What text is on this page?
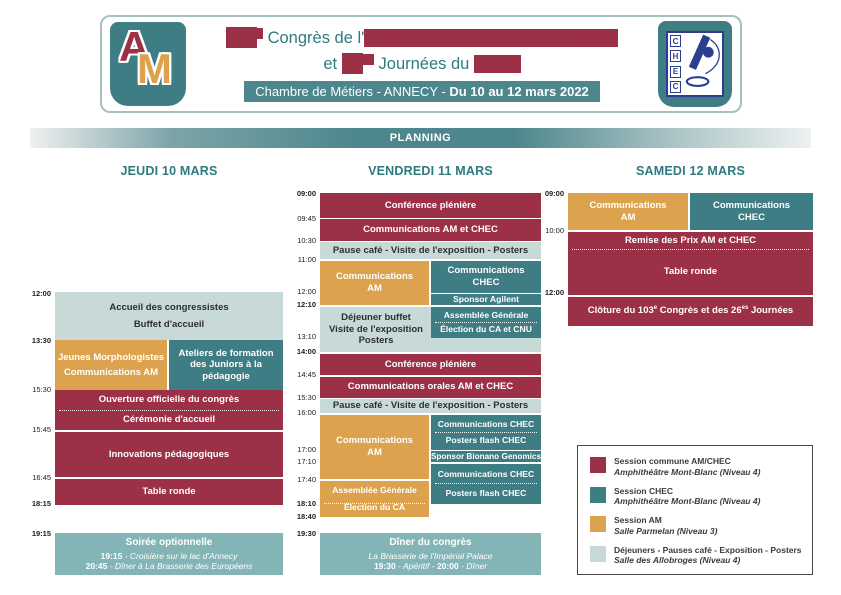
A
M
103e Congrès de l'Association des Morphologistes
et $26^{es}$ Journées du CHEC
Chambre de Métiers - ANNECY - Du 10 au 12 mars 2022
C
H
E
C
PLANNING
JEUDI 10 MARS	VENDREDI 11 MARS	SAMEDI 12 MARS
12:00
13:30
15:30
15:45
16:45
18:15
19:15
Accueil des congressistes
Buffet d'accueil
Jeunes Morphologistes
Communications AM
Ateliers de formation des Juniors à la pédagogie
Ouverture officielle du congrès
Cérémonie d'accueil
Innovations pédagogiques
Table ronde
Soirée optionnelle
19:15 - Croisière sur le lac d'Annecy
20:45 - Dîner à La Brasserie des Européens
09:00
09:45
10:30
11:00
12:00
12:10
13:10
14:00
14:45
15:30
16:00
17:00
17:10
17:40
18:10
18:40
19:30
Conférence plénière
Communications AM et CHEC
Pause café - Visite de l'exposition - Posters
Communications AM
Communications CHEC
Sponsor Agilent
Déjeuner buffet
Visite de l'exposition
Posters
Assemblée Générale
Élection du CA et CNU
Conférence plénière
Communications orales AM et CHEC
Pause café - Visite de l'exposition - Posters
Communications AM
Communications CHEC
Posters flash CHEC
Sponsor Bionano Genomics
Communications CHEC
Posters flash CHEC
Assemblée Générale
Élection du CA
Dîner du congrès
La Brasserie de l'Impérial Palace
19:30 - Apéritif - 20:00 - Dîner
09:00
10:00
12:00
Communications AM
Communications CHEC
Remise des Prix AM et CHEC
Table ronde
Clôture du 103e Congrès et des $26^{es}$ Journées
Session commune AM/CHEC
Amphithéâtre Mont-Blanc (Niveau 4)
Session CHEC
Amphithéâtre Mont-Blanc (Niveau 4)
Session AM
Salle Parmelan (Niveau 3)
Déjeuners - Pauses café - Exposition - Posters
Salle des Allobroges (Niveau 4)
